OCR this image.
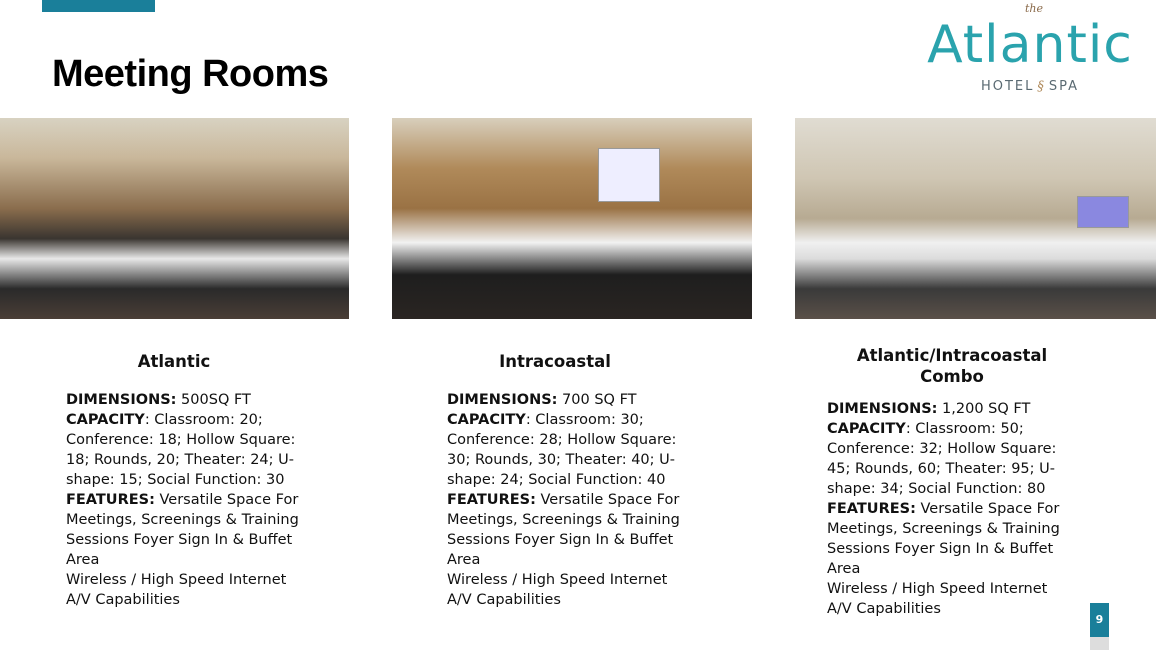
Meeting Rooms
the
Atlantic
HOTEL § SPA
Atlantic
DIMENSIONS: 500SQ FT
CAPACITY: Classroom: 20; Conference: 18; Hollow Square: 18; Rounds, 20; Theater: 24; U-shape: 15; Social Function: 30
FEATURES: Versatile Space For Meetings, Screenings & Training Sessions Foyer Sign In & Buffet Area
Wireless / High Speed Internet
A/V Capabilities
Intracoastal
DIMENSIONS: 700 SQ FT
CAPACITY: Classroom: 30; Conference: 28; Hollow Square: 30; Rounds, 30; Theater: 40; U-shape: 24; Social Function: 40
FEATURES: Versatile Space For Meetings, Screenings & Training Sessions Foyer Sign In & Buffet Area
Wireless / High Speed Internet
A/V Capabilities
Atlantic/Intracoastal Combo
DIMENSIONS: 1,200 SQ FT
CAPACITY: Classroom: 50; Conference: 32; Hollow Square: 45; Rounds, 60; Theater: 95; U-shape: 34; Social Function: 80
FEATURES: Versatile Space For Meetings, Screenings & Training Sessions Foyer Sign In & Buffet Area
Wireless / High Speed Internet
A/V Capabilities
9
